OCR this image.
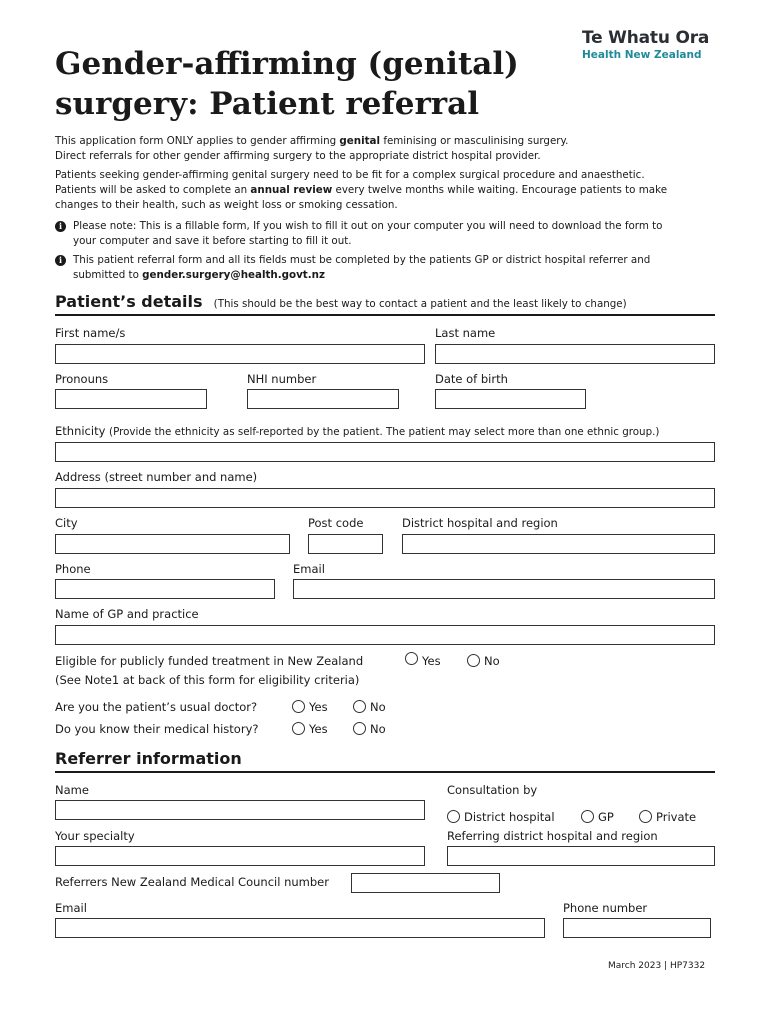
Te Whatu Ora
Health New Zealand
Gender-affirming (genital)
surgery: Patient referral
This application form ONLY applies to gender affirming genital feminising or masculinising surgery.
Direct referrals for other gender affirming surgery to the appropriate district hospital provider.
Patients seeking gender-affirming genital surgery need to be fit for a complex surgical procedure and anaesthetic.
Patients will be asked to complete an annual review every twelve months while waiting. Encourage patients to make
changes to their health, such as weight loss or smoking cessation.
i	Please note: This is a fillable form, If you wish to fill it out on your computer you will need to download the form to
your computer and save it before starting to fill it out.
i	This patient referral form and all its fields must be completed by the patients GP or district hospital referrer and
submitted to gender.surgery@health.govt.nz
Patient’s details (This should be the best way to contact a patient and the least likely to change)
First name/s	Last name
Pronouns	NHI number	Date of birth
Ethnicity (Provide the ethnicity as self-reported by the patient. The patient may select more than one ethnic group.)
Address (street number and name)
City	Post code	District hospital and region
Phone	Email
Name of GP and practice
Eligible for publicly funded treatment in New Zealand
(See Note1 at back of this form for eligibility criteria)
Yes	No
Are you the patient’s usual doctor?	Yes	No
Do you know their medical history?	Yes	No
Referrer information
Name	Consultation by
District hospital	GP	Private
Your specialty	Referring district hospital and region
Referrers New Zealand Medical Council number
Email	Phone number
March 2023 | HP7332
